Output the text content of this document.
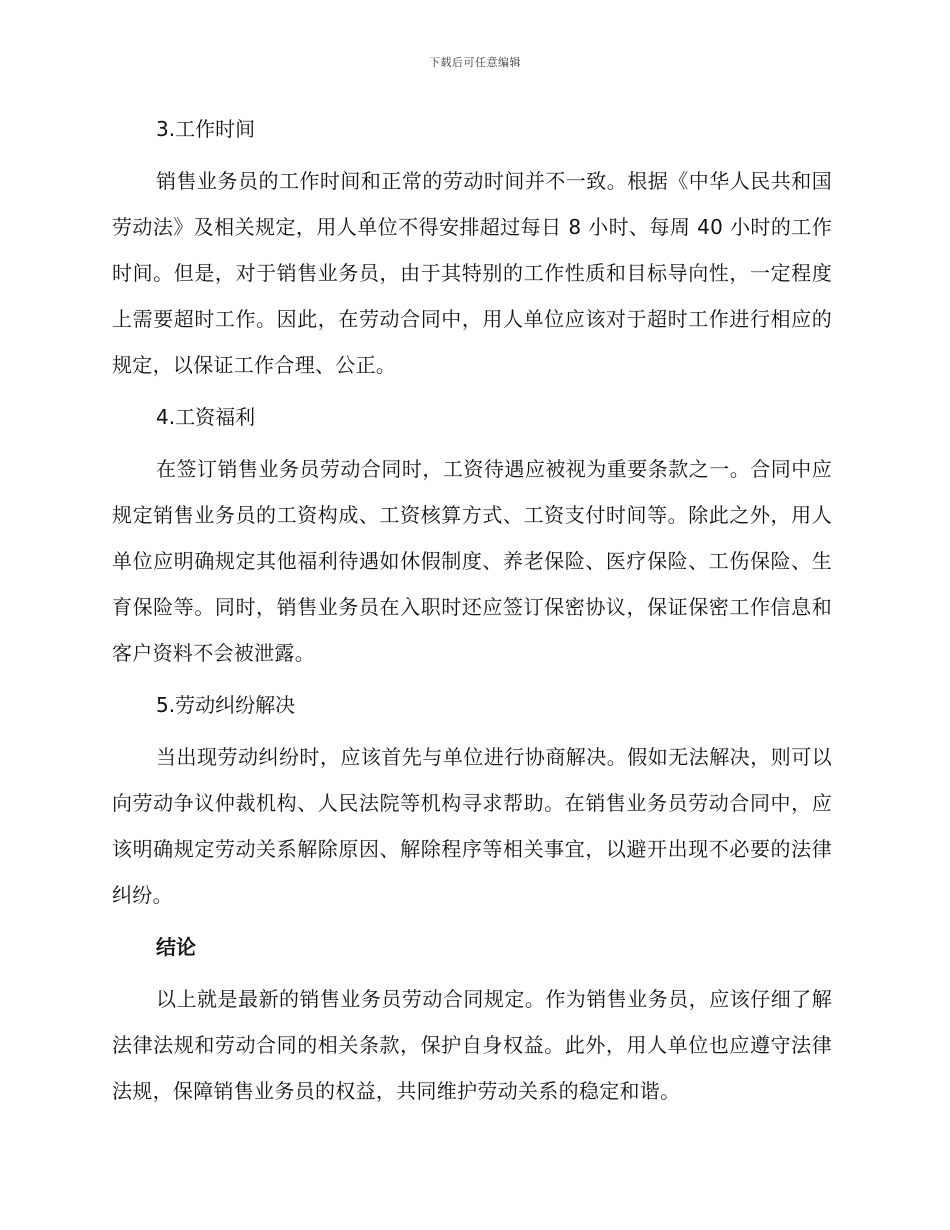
下载后可任意编辑
3.工作时间

销售业务员的工作时间和正常的劳动时间并不一致。根据《中华人民共和国劳动法》及相关规定，用人单位不得安排超过每日 8 小时、每周 40 小时的工作时间。但是，对于销售业务员，由于其特别的工作性质和目标导向性，一定程度上需要超时工作。因此，在劳动合同中，用人单位应该对于超时工作进行相应的规定，以保证工作合理、公正。

4.工资福利

在签订销售业务员劳动合同时，工资待遇应被视为重要条款之一。合同中应规定销售业务员的工资构成、工资核算方式、工资支付时间等。除此之外，用人单位应明确规定其他福利待遇如休假制度、养老保险、医疗保险、工伤保险、生育保险等。同时，销售业务员在入职时还应签订保密协议，保证保密工作信息和客户资料不会被泄露。

5.劳动纠纷解决

当出现劳动纠纷时，应该首先与单位进行协商解决。假如无法解决，则可以向劳动争议仲裁机构、人民法院等机构寻求帮助。在销售业务员劳动合同中，应该明确规定劳动关系解除原因、解除程序等相关事宜，以避开出现不必要的法律纠纷。

结论

以上就是最新的销售业务员劳动合同规定。作为销售业务员，应该仔细了解法律法规和劳动合同的相关条款，保护自身权益。此外，用人单位也应遵守法律法规，保障销售业务员的权益，共同维护劳动关系的稳定和谐。
